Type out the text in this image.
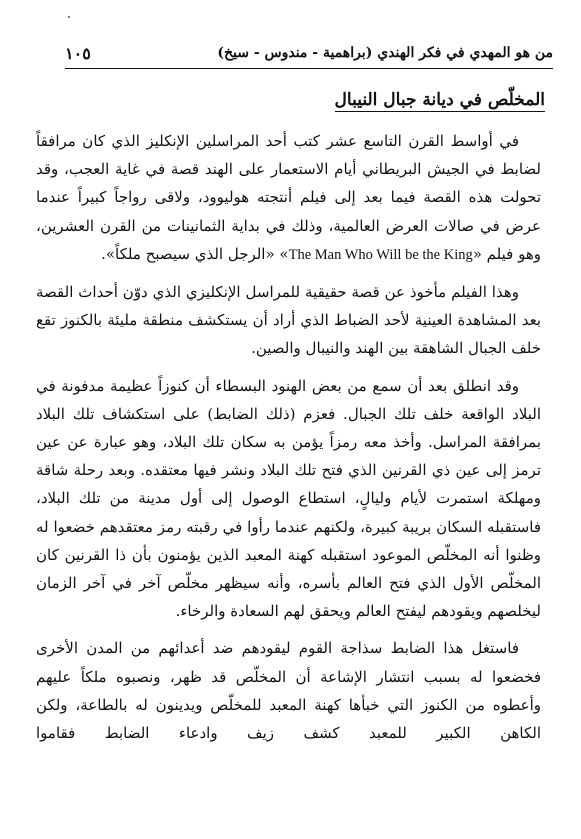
من هو المهدي في فكر الهندي (براهمية - مندوس - سيخ)
١٠٥
المخلّص في ديانة جبال النيبال

في أواسط القرن التاسع عشر كتب أحد المراسلين الإنكليز الذي كان مرافقاً لضابط في الجيش البريطاني أيام الاستعمار على الهند قصة في غاية العجب، وقد تحولت هذه القصة فيما بعد إلى فيلم أنتجته هوليوود، ولاقى رواجاً كبيراً عندما عرض في صالات العرض العالمية، وذلك في بداية الثمانينات من القرن العشرين، وهو فيلم «The Man Who Will be the King» «الرجل الذي سيصبح ملكاً».

وهذا الفيلم مأخوذ عن قصة حقيقية للمراسل الإنكليزي الذي دوّن أحداث القصة بعد المشاهدة العينية لأحد الضباط الذي أراد أن يستكشف منطقة مليئة بالكنوز تقع خلف الجبال الشاهقة بين الهند والنيبال والصين.

وقد انطلق بعد أن سمع من بعض الهنود البسطاء أن كنوزاً عظيمة مدفونة في البلاد الواقعة خلف تلك الجبال. فعزم (ذلك الضابط) على استكشاف تلك البلاد بمرافقة المراسل. وأخذ معه رمزاً يؤمن به سكان تلك البلاد، وهو عبارة عن عين ترمز إلى عين ذي القرنين الذي فتح تلك البلاد ونشر فيها معتقده. وبعد رحلة شاقة ومهلكة استمرت لأيام وليالٍ، استطاع الوصول إلى أول مدينة من تلك البلاد، فاستقبله السكان بريبة كبيرة، ولكنهم عندما رأوا في رقبته رمز معتقدهم خضعوا له وظنوا أنه المخلّص الموعود استقبله كهنة المعبد الذين يؤمنون بأن ذا القرنين كان المخلّص الأول الذي فتح العالم بأسره، وأنه سيظهر مخلّص آخر في آخر الزمان ليخلصهم ويقودهم ليفتح العالم ويحقق لهم السعادة والرخاء.

فاستغل هذا الضابط سذاجة القوم ليقودهم ضد أعدائهم من المدن الأخرى فخضعوا له بسبب انتشار الإشاعة أن المخلّص قد ظهر، ونصبوه ملكاً عليهم وأعطوه من الكنوز التي خبأها كهنة المعبد للمخلّص ويدينون له بالطاعة، ولكن الكاهن الكبير للمعبد كشف زيف وادعاء الضابط فقاموا
